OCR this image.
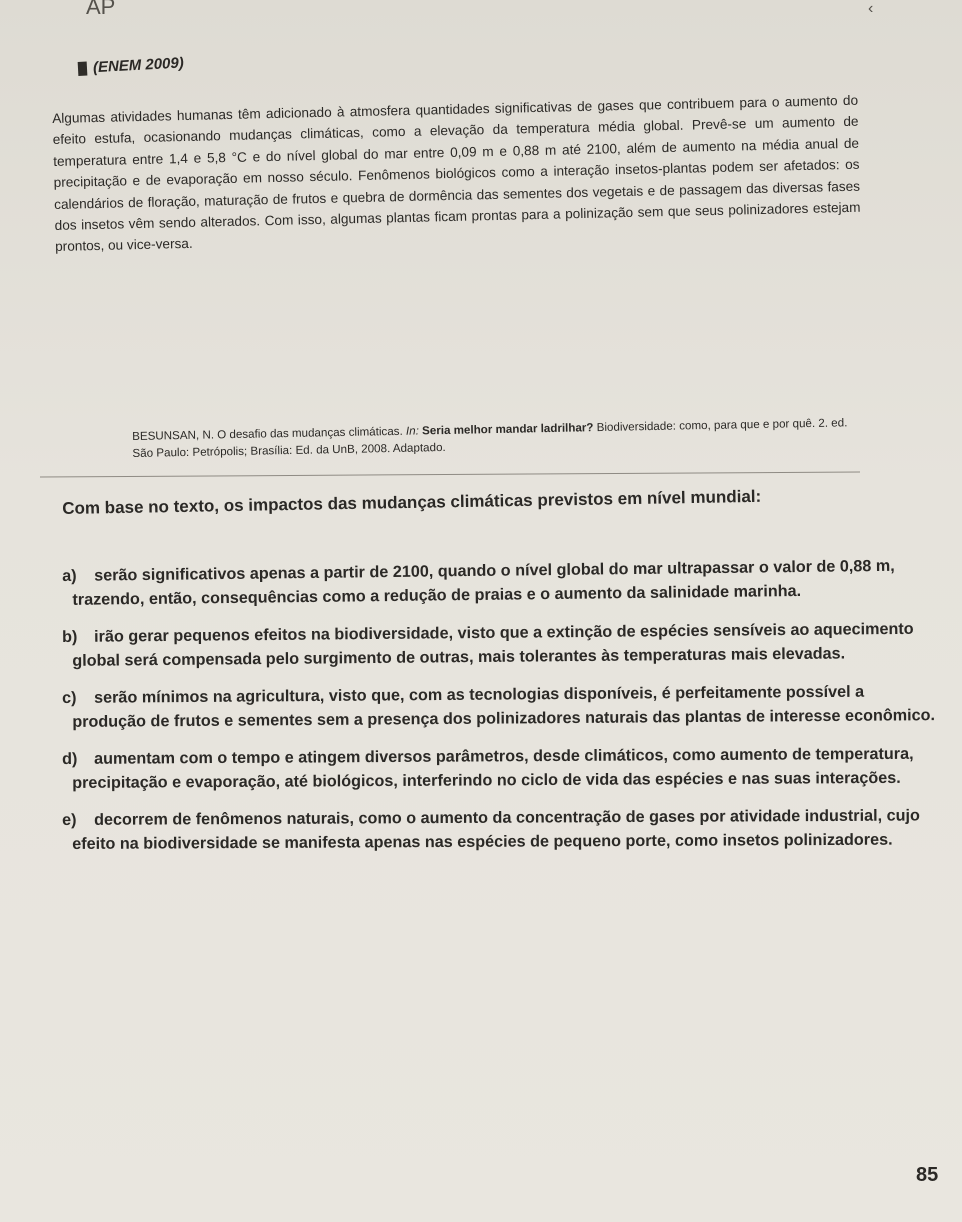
AP	‹
(ENEM 2009)

Algumas atividades humanas têm adicionado à atmosfera quantidades significativas de gases que contribuem para o aumento do efeito estufa, ocasionando mudanças climáticas, como a elevação da temperatura média global. Prevê-se um aumento de temperatura entre 1,4 e 5,8 °C e do nível global do mar entre 0,09 m e 0,88 m até 2100, além de aumento na média anual de precipitação e de evaporação em nosso século. Fenômenos biológicos como a interação insetos-plantas podem ser afetados: os calendários de floração, maturação de frutos e quebra de dormência das sementes dos vegetais e de passagem das diversas fases dos insetos vêm sendo alterados. Com isso, algumas plantas ficam prontas para a polinização sem que seus polinizadores estejam prontos, ou vice-versa.

BESUNSAN, N. O desafio das mudanças climáticas. In: Seria melhor mandar ladrilhar? Biodiversidade: como, para que e por quê. 2. ed. São Paulo: Petrópolis; Brasília: Ed. da UnB, 2008. Adaptado.
Com base no texto, os impactos das mudanças climáticas previstos em nível mundial:
a)	serão significativos apenas a partir de 2100, quando o nível global do mar ultrapassar o valor de 0,88 m, trazendo, então, consequências como a redução de praias e o aumento da salinidade marinha.
b)	irão gerar pequenos efeitos na biodiversidade, visto que a extinção de espécies sensíveis ao aquecimento global será compensada pelo surgimento de outras, mais tolerantes às temperaturas mais elevadas.
c)	serão mínimos na agricultura, visto que, com as tecnologias disponíveis, é perfeitamente possível a produção de frutos e sementes sem a presença dos polinizadores naturais das plantas de interesse econômico.
d)	aumentam com o tempo e atingem diversos parâmetros, desde climáticos, como aumento de temperatura, precipitação e evaporação, até biológicos, interferindo no ciclo de vida das espécies e nas suas interações.
e)	decorrem de fenômenos naturais, como o aumento da concentração de gases por atividade industrial, cujo efeito na biodiversidade se manifesta apenas nas espécies de pequeno porte, como insetos polinizadores.
85
